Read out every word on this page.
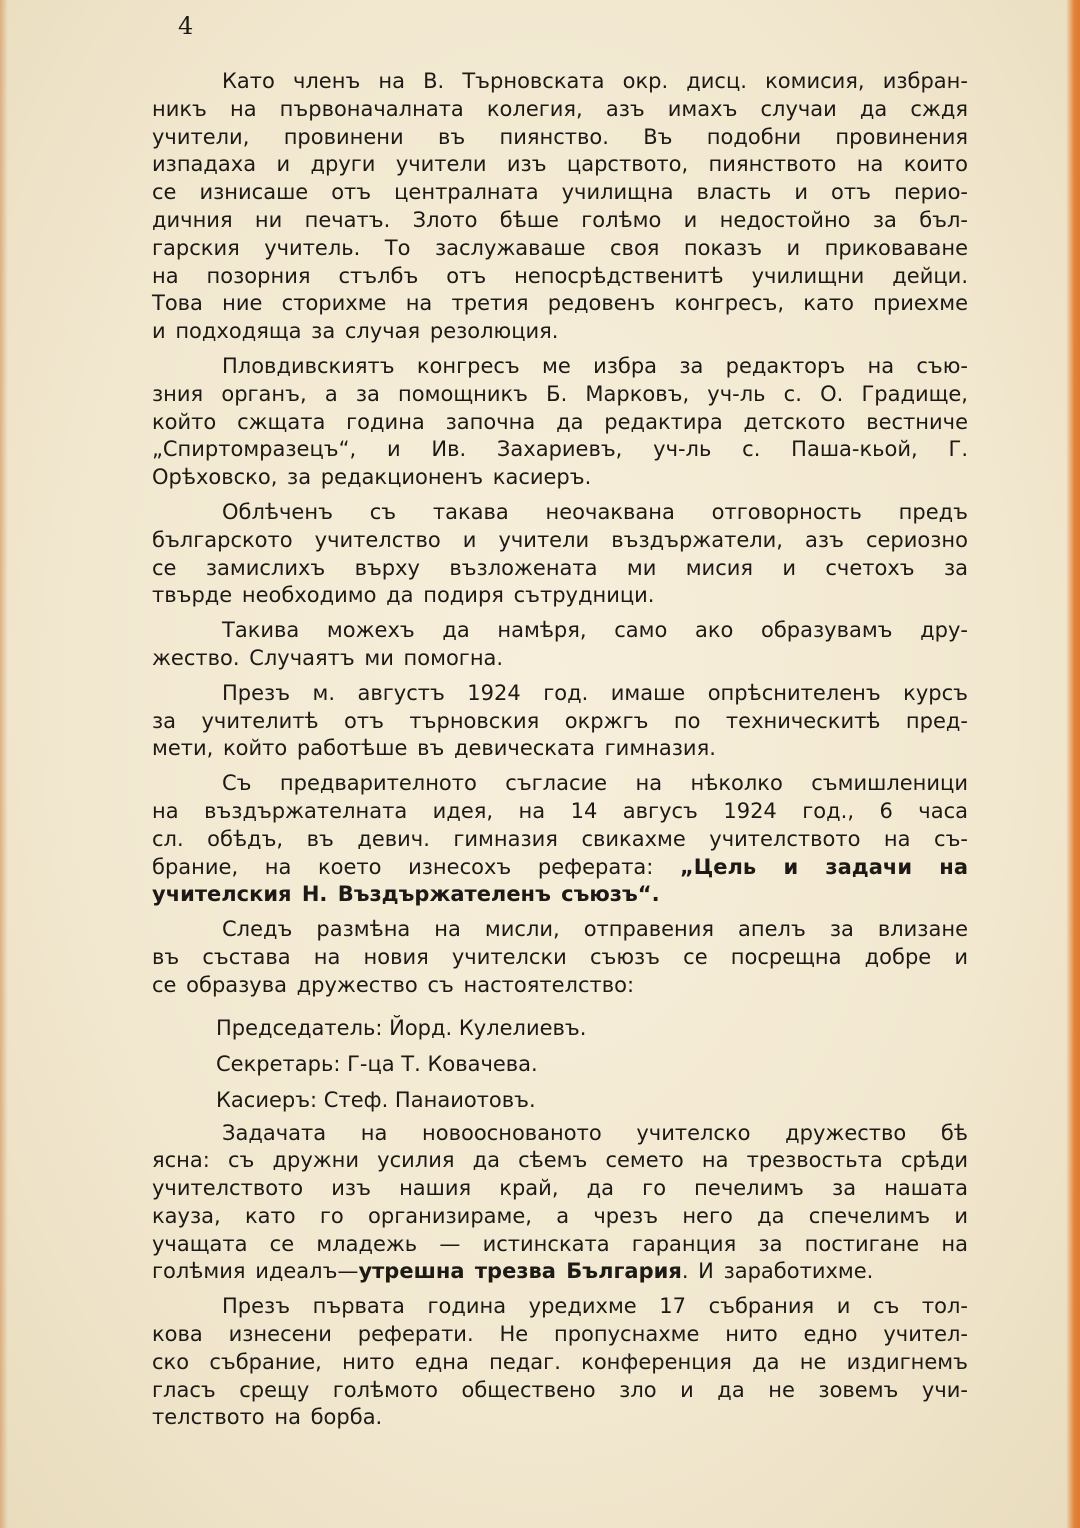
4

Като членъ на В. Търновската окр. дисц. комисия, избран-
никъ на първоначалната колегия, азъ имахъ случаи да сждя
учители, провинени въ пиянство. Въ подобни провинения
изпадаха и други учители изъ царството, пиянството на които
се изнисаше отъ централната училищна власть и отъ перио-
дичния ни печатъ. Злото бѣше голѣмо и недостойно за бъл-
гарския учитель. То заслужаваше своя показъ и приковаване
на позорния стълбъ отъ непосрѣдственитѣ училищни дейци.
Това ние сторихме на третия редовенъ конгресъ, като приехме
и подходяща за случая резолюция.

Пловдивскиятъ конгресъ ме избра за редакторъ на съю-
зния органъ, а за помощникъ Б. Марковъ, уч-ль с. О. Градище,
който сжщата година започна да редактира детското вестниче
„Спиртомразецъ“, и Ив. Захариевъ, уч-ль с. Паша-кьой, Г.
Орѣховско, за редакционенъ касиеръ.

Облѣченъ съ такава неочаквана отговорность предъ
българското учителство и учители въздържатели, азъ сериозно
се замислихъ върху възложената ми мисия и счетохъ за
твърде необходимо да подиря сътрудници.

Такива можехъ да намѣря, само ако образувамъ дру-
жество. Случаятъ ми помогна.

Презъ м. августъ 1924 год. имаше опрѣснителенъ курсъ
за учителитѣ отъ търновския окржгъ по техническитѣ пред-
мети, който работѣше въ девическата гимназия.

Съ предварителното съгласие на нѣколко съмишленици
на въздържателната идея, на 14 авгусъ 1924 год., 6 часа
сл. обѣдъ, въ девич. гимназия свикахме учителството на съ-
брание, на което изнесохъ реферата: „Цель и задачи на
учителския Н. Въздържателенъ съюзъ“.

Следъ размѣна на мисли, отправения апелъ за влизане
въ състава на новия учителски съюзъ се посрещна добре и
се образува дружество съ настоятелство:

Председатель: Йорд. Кулелиевъ.
Секретарь: Г-ца Т. Ковачева.
Касиеръ: Стеф. Панаиотовъ.

Задачата на новооснованото учителско дружество бѣ
ясна: съ дружни усилия да сѣемъ семето на трезвостьта срѣди
учителството изъ нашия край, да го печелимъ за нашата
кауза, като го организираме, а чрезъ него да спечелимъ и
учащата се младежь — истинската гаранция за постигане на
голѣмия идеалъ—утрешна трезва България. И заработихме.

Презъ първата година уредихме 17 събрания и съ тол-
кова изнесени реферати. Не пропуснахме нито едно учител-
ско събрание, нито една педаг. конференция да не издигнемъ
гласъ срещу голѣмото обществено зло и да не зовемъ учи-
телството на борба.
